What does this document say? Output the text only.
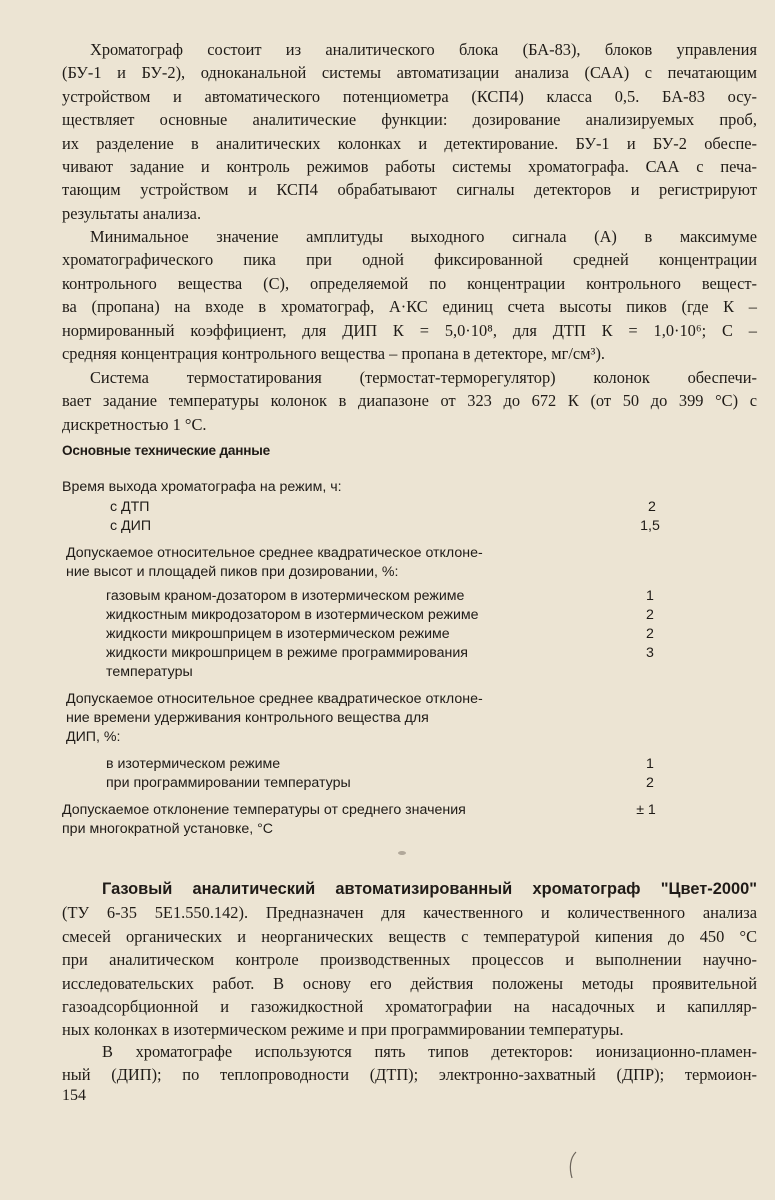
Хроматограф состоит из аналитического блока (БА-83), блоков управления
(БУ-1 и БУ-2), одноканальной системы автоматизации анализа (САА) с печатающим
устройством и автоматического потенциометра (КСП4) класса 0,5. БА-83 осу-
ществляет основные аналитические функции: дозирование анализируемых проб,
их разделение в аналитических колонках и детектирование. БУ-1 и БУ-2 обеспе-
чивают задание и контроль режимов работы системы хроматографа. САА с печа-
тающим устройством и КСП4 обрабатывают сигналы детекторов и регистрируют
результаты анализа.
Минимальное значение амплитуды выходного сигнала (А) в максимуме
хроматографического пика при одной фиксированной средней концентрации
контрольного вещества (С), определяемой по концентрации контрольного вещест-
ва (пропана) на входе в хроматограф, А·КС единиц счета высоты пиков (где К –
нормированный коэффициент, для ДИП К = 5,0·10⁸, для ДТП К = 1,0·10⁶; С –
средняя концентрация контрольного вещества – пропана в детекторе, мг/см³).
Система термостатирования (термостат-терморегулятор) колонок обеспечи-
вает задание температуры колонок в диапазоне от 323 до 672 К (от 50 до 399 °С) с
дискретностью 1 °С.
Основные технические данные
Время выхода хроматографа на режим, ч:
с ДТП	2
с ДИП	1,5
Допускаемое относительное среднее квадратическое отклоне-
ние высот и площадей пиков при дозировании, %:
газовым краном-дозатором в изотермическом режиме	1
жидкостным микродозатором в изотермическом режиме	2
жидкости микрошприцем в изотермическом режиме	2
жидкости микрошприцем в режиме программирования	3
температуры
Допускаемое относительное среднее квадратическое отклоне-
ние времени удерживания контрольного вещества для
ДИП, %:
в изотермическом режиме	1
при программировании температуры	2
Допускаемое отклонение температуры от среднего значения	± 1
при многократной установке, °С
Газовый аналитический автоматизированный хроматограф "Цвет-2000"
(ТУ 6-35 5Е1.550.142). Предназначен для качественного и количественного анализа
смесей органических и неорганических веществ с температурой кипения до 450 °С
при аналитическом контроле производственных процессов и выполнении научно-
исследовательских работ. В основу его действия положены методы проявительной
газоадсорбционной и газожидкостной хроматографии на насадочных и капилляр-
ных колонках в изотермическом режиме и при программировании температуры.
В хроматографе используются пять типов детекторов: ионизационно-пламен-
ный (ДИП); по теплопроводности (ДТП); электронно-захватный (ДПР); термоион-
154
